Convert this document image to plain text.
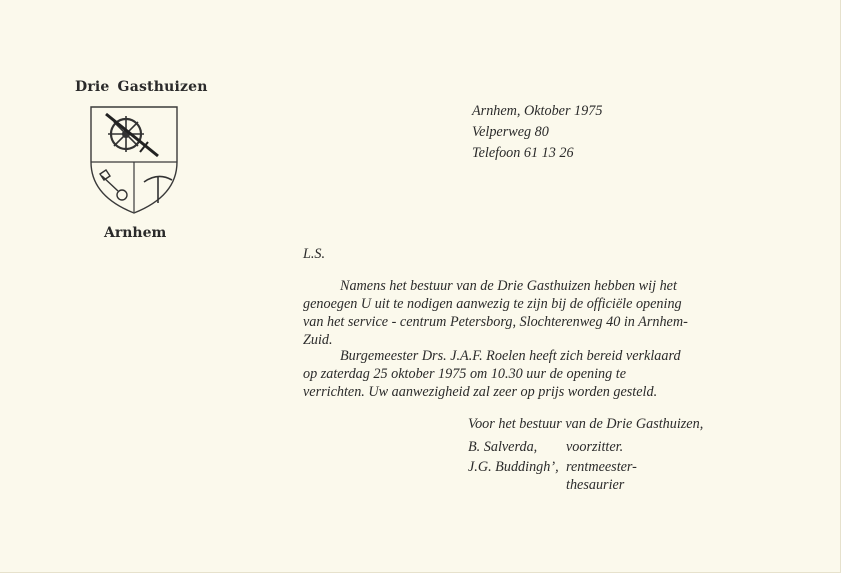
Drie Gasthuizen
Arnhem
Arnhem, Oktober 1975
Velperweg 80
Telefoon 61 13 26
L.S.
Namens het bestuur van de Drie Gasthuizen hebben wij het
genoegen U uit te nodigen aanwezig te zijn bij de officiële opening
van het service - centrum Petersborg, Slochterenweg 40 in Arnhem-
Zuid.
Burgemeester Drs. J.A.F. Roelen heeft zich bereid verklaard
op zaterdag 25 oktober 1975 om 10.30 uur de opening te
verrichten. Uw aanwezigheid zal zeer op prijs worden gesteld.
Voor het bestuur van de Drie Gasthuizen,
B. Salverda, voorzitter.
J.G. Buddingh’, rentmeester-
thesaurier
